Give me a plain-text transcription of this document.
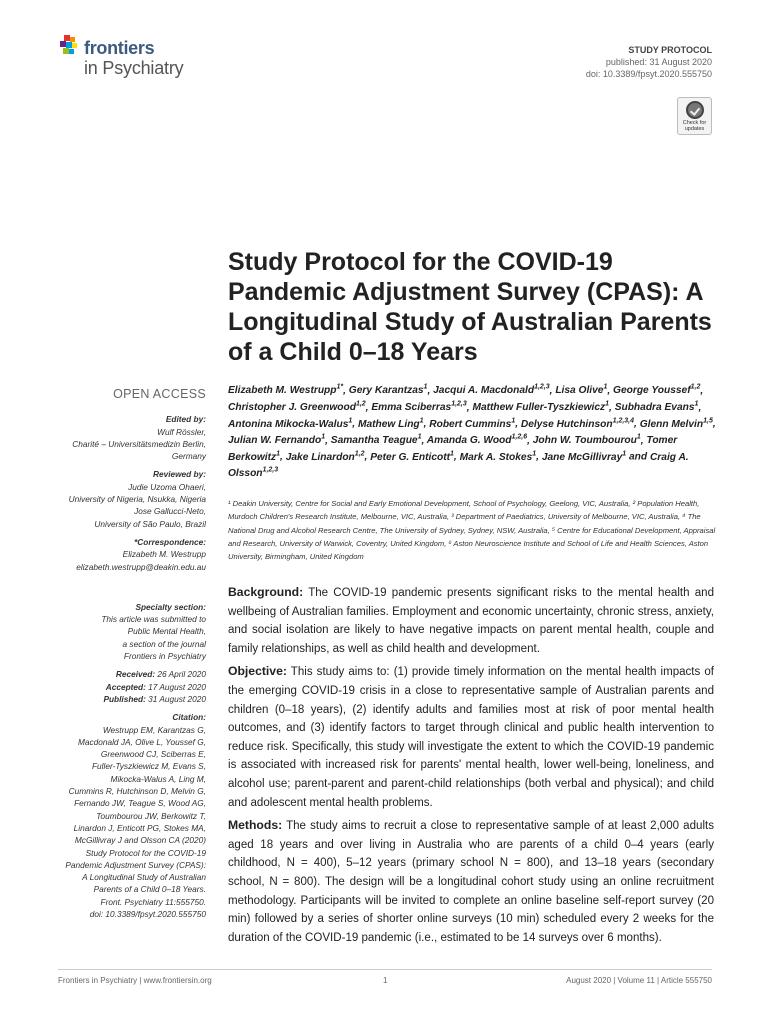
frontiers
in Psychiatry
STUDY PROTOCOL
published: 31 August 2020
doi: 10.3389/fpsyt.2020.555750
Check for
updates
Study Protocol for the COVID-19 Pandemic Adjustment Survey (CPAS): A Longitudinal Study of Australian Parents of a Child 0–18 Years
OPEN ACCESS
Edited by:
Wulf Rössler,
Charité – Universitätsmedizin Berlin,
Germany
Reviewed by:
Judie Uzoma Ohaeri,
University of Nigeria, Nsukka, Nigeria
Jose Gallucci-Neto,
University of São Paulo, Brazil
*Correspondence:
Elizabeth M. Westrupp
elizabeth.westrupp@deakin.edu.au
Specialty section:
This article was submitted to
Public Mental Health,
a section of the journal
Frontiers in Psychiatry
Received: 26 April 2020
Accepted: 17 August 2020
Published: 31 August 2020
Citation:
Westrupp EM, Karantzas G,
Macdonald JA, Olive L, Youssef G,
Greenwood CJ, Sciberras E,
Fuller-Tyszkiewicz M, Evans S,
Mikocka-Walus A, Ling M,
Cummins R, Hutchinson D, Melvin G,
Fernando JW, Teague S, Wood AG,
Toumbourou JW, Berkowitz T,
Linardon J, Enticott PG, Stokes MA,
McGillivray J and Olsson CA (2020)
Study Protocol for the COVID-19
Pandemic Adjustment Survey (CPAS):
A Longitudinal Study of Australian
Parents of a Child 0–18 Years.
Front. Psychiatry 11:555750.
doi: 10.3389/fpsyt.2020.555750
Elizabeth M. Westrupp$^{1*}$, Gery Karantzas$^1$, Jacqui A. Macdonald$^{1,2,3}$, Lisa Olive$^1$, George Youssef$^{1,2}$, Christopher J. Greenwood$^{1,2}$, Emma Sciberras$^{1,2,3}$, Matthew Fuller-Tyszkiewicz$^1$, Subhadra Evans$^1$, Antonina Mikocka-Walus$^1$, Mathew Ling$^1$, Robert Cummins$^1$, Delyse Hutchinson$^{1,2,3,4}$, Glenn Melvin$^{1,5}$, Julian W. Fernando$^1$, Samantha Teague$^1$, Amanda G. Wood$^{1,2,6}$, John W. Toumbourou$^1$, Tomer Berkowitz$^1$, Jake Linardon$^{1,2}$, Peter G. Enticott$^1$, Mark A. Stokes$^1$, Jane McGillivray$^1$ and Craig A. Olsson$^{1,2,3}$
¹ Deakin University, Centre for Social and Early Emotional Development, School of Psychology, Geelong, VIC, Australia, ² Population Health, Murdoch Children's Research Institute, Melbourne, VIC, Australia, ³ Department of Paediatrics, University of Melbourne, VIC, Australia, ⁴ The National Drug and Alcohol Research Centre, The University of Sydney, Sydney, NSW, Australia, ⁵ Centre for Educational Development, Appraisal and Research, University of Warwick, Coventry, United Kingdom, ⁶ Aston Neuroscience Institute and School of Life and Health Sciences, Aston University, Birmingham, United Kingdom

Background: The COVID-19 pandemic presents significant risks to the mental health and wellbeing of Australian families. Employment and economic uncertainty, chronic stress, anxiety, and social isolation are likely to have negative impacts on parent mental health, couple and family relationships, as well as child health and development.

Objective: This study aims to: (1) provide timely information on the mental health impacts of the emerging COVID-19 crisis in a close to representative sample of Australian parents and children (0–18 years), (2) identify adults and families most at risk of poor mental health outcomes, and (3) identify factors to target through clinical and public health intervention to reduce risk. Specifically, this study will investigate the extent to which the COVID-19 pandemic is associated with increased risk for parents' mental health, lower well-being, loneliness, and alcohol use; parent-parent and parent-child relationships (both verbal and physical); and child and adolescent mental health problems.

Methods: The study aims to recruit a close to representative sample of at least 2,000 adults aged 18 years and over living in Australia who are parents of a child 0–4 years (early childhood, N = 400), 5–12 years (primary school N = 800), and 13–18 years (secondary school, N = 800). The design will be a longitudinal cohort study using an online recruitment methodology. Participants will be invited to complete an online baseline self-report survey (20 min) followed by a series of shorter online surveys (10 min) scheduled every 2 weeks for the duration of the COVID-19 pandemic (i.e., estimated to be 14 surveys over 6 months).

Frontiers in Psychiatry | www.frontiersin.org	1	August 2020 | Volume 11 | Article 555750
